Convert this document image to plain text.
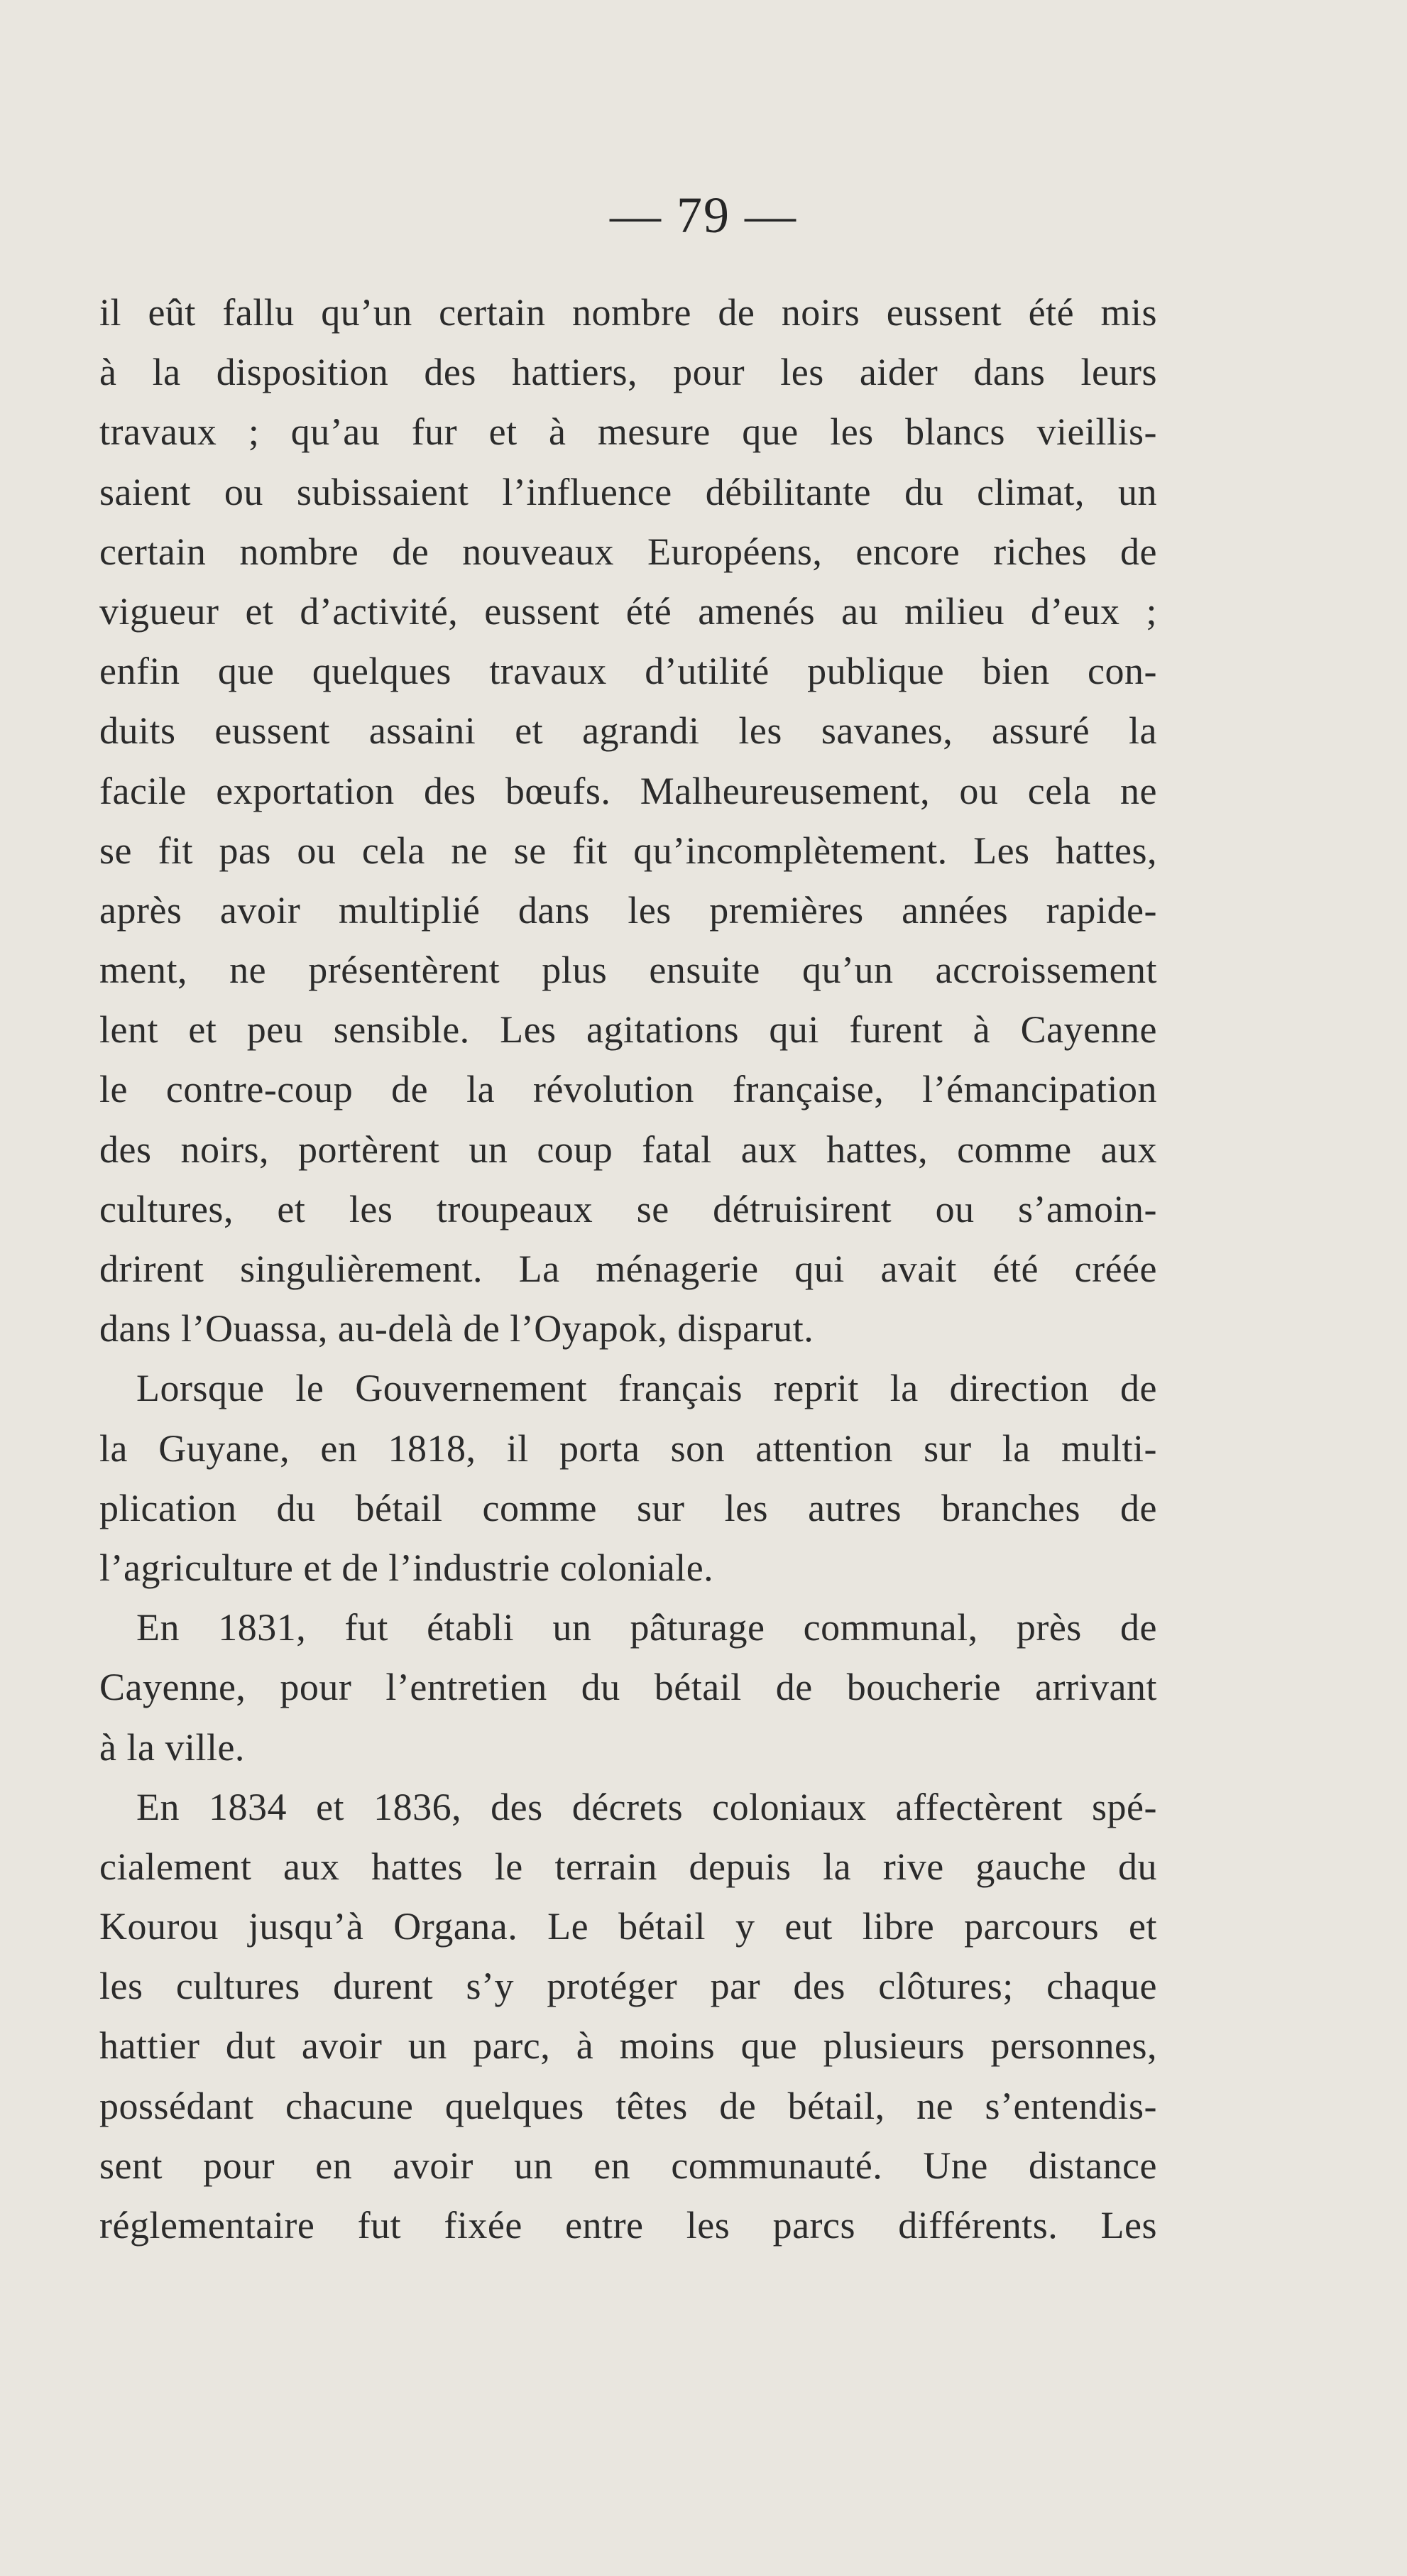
— 79 —
il eût fallu qu’un certain nombre de noirs eussent été mis
à la disposition des hattiers, pour les aider dans leurs
travaux ; qu’au fur et à mesure que les blancs vieillis-
saient ou subissaient l’influence débilitante du climat, un
certain nombre de nouveaux Européens, encore riches de
vigueur et d’activité, eussent été amenés au milieu d’eux ;
enfin que quelques travaux d’utilité publique bien con-
duits eussent assaini et agrandi les savanes, assuré la
facile exportation des bœufs. Malheureusement, ou cela ne
se fit pas ou cela ne se fit qu’incomplètement. Les hattes,
après avoir multiplié dans les premières années rapide-
ment, ne présentèrent plus ensuite qu’un accroissement
lent et peu sensible. Les agitations qui furent à Cayenne
le contre-coup de la révolution française, l’émancipation
des noirs, portèrent un coup fatal aux hattes, comme aux
cultures, et les troupeaux se détruisirent ou s’amoin-
drirent singulièrement. La ménagerie qui avait été créée
dans l’Ouassa, au-delà de l’Oyapok, disparut.
Lorsque le Gouvernement français reprit la direction de
la Guyane, en 1818, il porta son attention sur la multi-
plication du bétail comme sur les autres branches de
l’agriculture et de l’industrie coloniale.
En 1831, fut établi un pâturage communal, près de
Cayenne, pour l’entretien du bétail de boucherie arrivant
à la ville.
En 1834 et 1836, des décrets coloniaux affectèrent spé-
cialement aux hattes le terrain depuis la rive gauche du
Kourou jusqu’à Organa. Le bétail y eut libre parcours et
les cultures durent s’y protéger par des clôtures; chaque
hattier dut avoir un parc, à moins que plusieurs personnes,
possédant chacune quelques têtes de bétail, ne s’entendis-
sent pour en avoir un en communauté. Une distance
réglementaire fut fixée entre les parcs différents. Les
